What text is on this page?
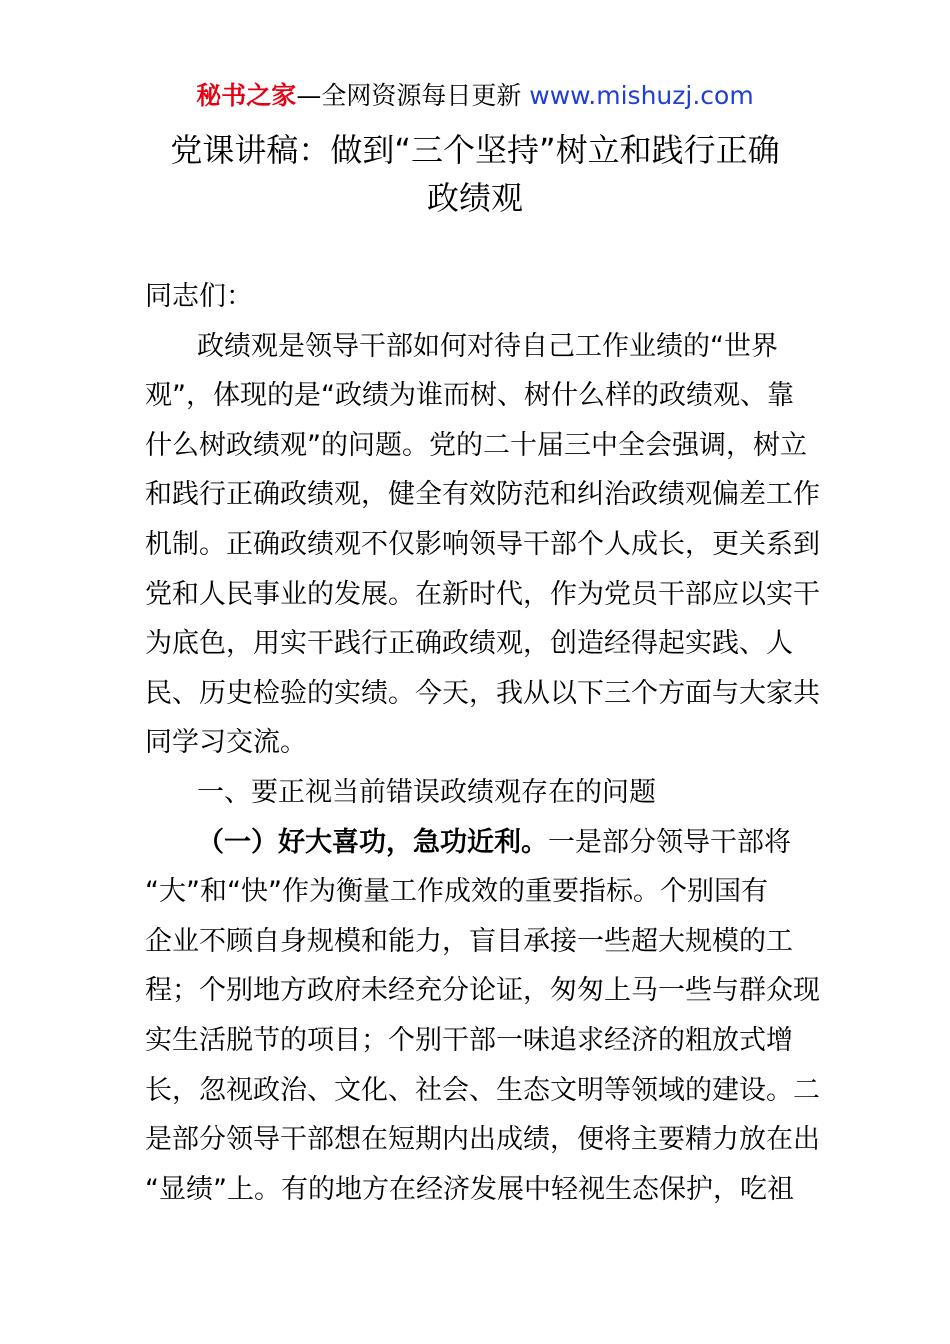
秘书之家—全网资源每日更新 www.mishuzj.com
党课讲稿：做到“三个坚持”树立和践行正确
政绩观
同志们：
政绩观是领导干部如何对待自己工作业绩的“世界
观”，体现的是“政绩为谁而树、树什么样的政绩观、靠
什么树政绩观”的问题。党的二十届三中全会强调，树立
和践行正确政绩观，健全有效防范和纠治政绩观偏差工作
机制。正确政绩观不仅影响领导干部个人成长，更关系到
党和人民事业的发展。在新时代，作为党员干部应以实干
为底色，用实干践行正确政绩观，创造经得起实践、人
民、历史检验的实绩。今天，我从以下三个方面与大家共
同学习交流。
一、要正视当前错误政绩观存在的问题
（一）好大喜功，急功近利。一是部分领导干部将
“大”和“快”作为衡量工作成效的重要指标。个别国有
企业不顾自身规模和能力，盲目承接一些超大规模的工
程；个别地方政府未经充分论证，匆匆上马一些与群众现
实生活脱节的项目；个别干部一味追求经济的粗放式增
长，忽视政治、文化、社会、生态文明等领域的建设。二
是部分领导干部想在短期内出成绩，便将主要精力放在出
“显绩”上。有的地方在经济发展中轻视生态保护，吃祖
